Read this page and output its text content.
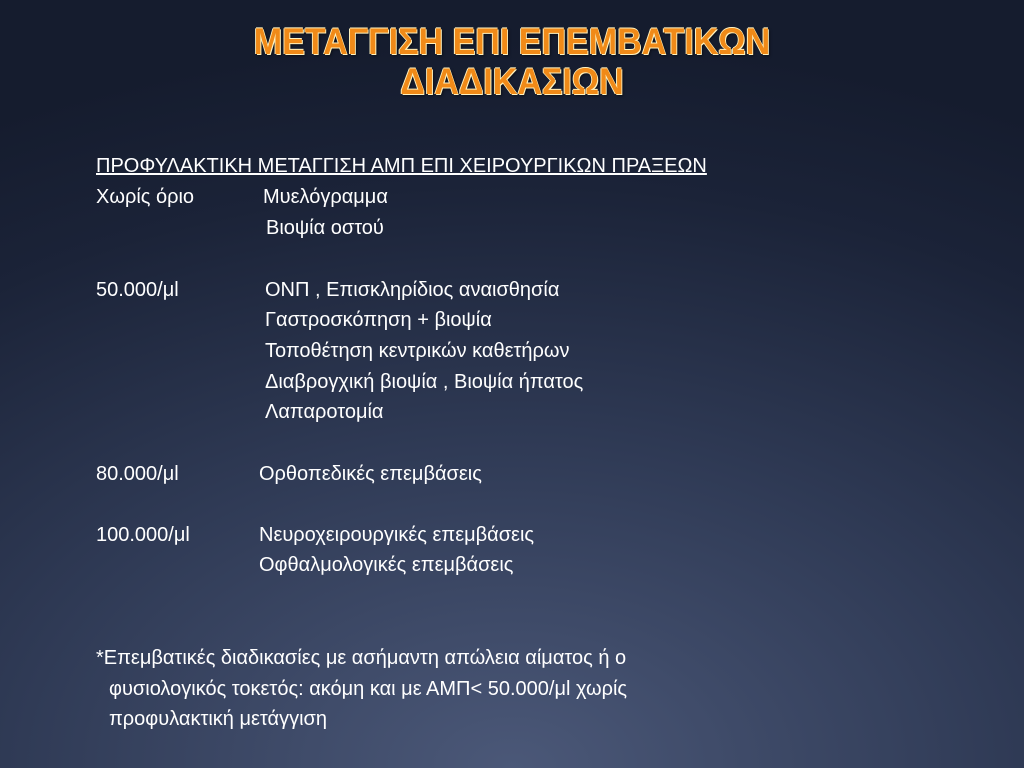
ΜΕΤΑΓΓΙΣΗ ΕΠΙ ΕΠΕΜΒΑΤΙΚΩΝ
ΔΙΑΔΙΚΑΣΙΩΝ
ΠΡΟΦΥΛΑΚΤΙΚΗ ΜΕΤΑΓΓΙΣΗ ΑΜΠ ΕΠΙ ΧΕΙΡΟΥΡΓΙΚΩΝ ΠΡΑΞΕΩΝ
Χωρίς όριο	Μυελόγραμμα
Βιοψία οστού
50.000/μl	ΟΝΠ , Επισκληρίδιος αναισθησία
Γαστροσκόπηση + βιοψία
Τοποθέτηση κεντρικών καθετήρων
Διαβρογχική βιοψία , Βιοψία ήπατος
Λαπαροτομία
80.000/μl	Ορθοπεδικές επεμβάσεις
100.000/μl	Νευροχειρουργικές επεμβάσεις
Οφθαλμολογικές επεμβάσεις
*Επεμβατικές διαδικασίες με ασήμαντη απώλεια αίματος ή ο
φυσιολογικός τοκετός: ακόμη και με ΑΜΠ< 50.000/μl χωρίς
προφυλακτική μετάγγιση
